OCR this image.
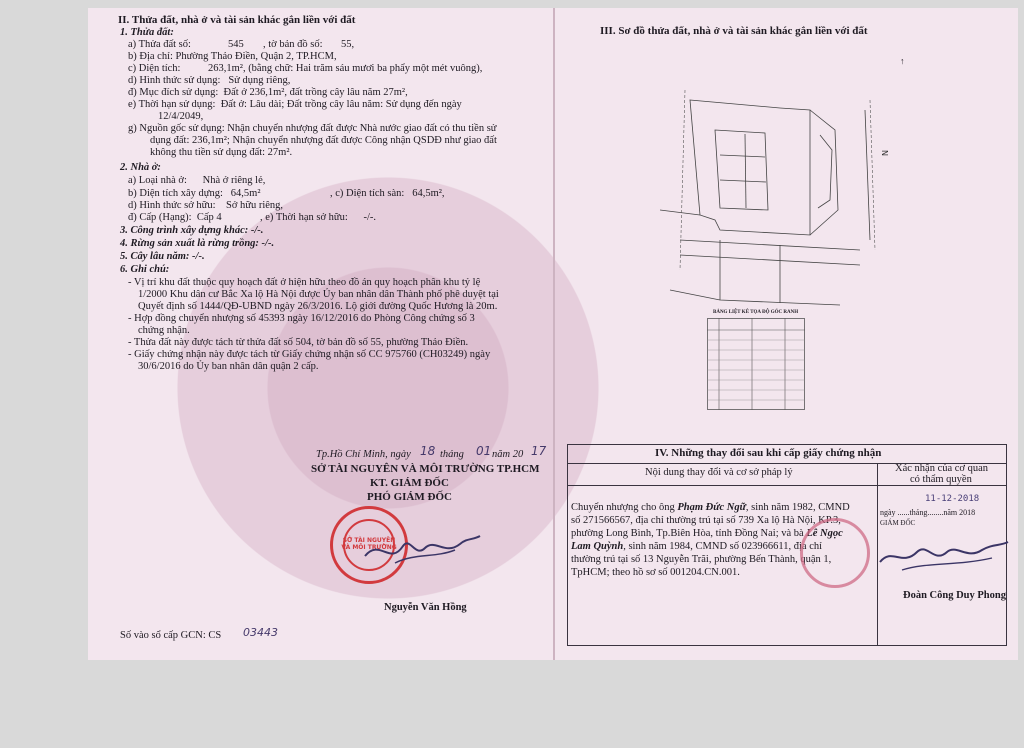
II. Thửa đất, nhà ở và tài sản khác gắn liền với đất
1. Thửa đất:
a) Thửa đất số:	545 , tờ bản đồ số: 55,
b) Địa chỉ: Phường Thảo Điền, Quận 2, TP.HCM,
c) Diện tích:	263,1m², (bằng chữ: Hai trăm sáu mươi ba phẩy một mét vuông),
d) Hình thức sử dụng:   Sử dụng riêng,
đ) Mục đích sử dụng:  Đất ở 236,1m², đất trồng cây lâu năm 27m²,
e) Thời hạn sử dụng:  Đất ở: Lâu dài; Đất trồng cây lâu năm: Sử dụng đến ngày
12/4/2049,
g) Nguồn gốc sử dụng: Nhận chuyển nhượng đất được Nhà nước giao đất có thu tiền sử
dụng đất: 236,1m²; Nhận chuyển nhượng đất được Công nhận QSDĐ như giao đất
không thu tiền sử dụng đất: 27m².
2. Nhà ở:
a) Loại nhà ở:      Nhà ở riêng lẻ,
b) Diện tích xây dựng:   64,5m²	, c) Diện tích sàn:   64,5m²,
d) Hình thức sở hữu:    Sở hữu riêng,
đ) Cấp (Hạng):  Cấp 4	, e) Thời hạn sở hữu:      -/-.
3. Công trình xây dựng khác: -/-.
4. Rừng sản xuất là rừng trồng: -/-.
5. Cây lâu năm: -/-.
6. Ghi chú:
- Vị trí khu đất thuộc quy hoạch đất ở hiện hữu theo đồ án quy hoạch phân khu tỷ lệ
1/2000 Khu dân cư Bắc Xa lộ Hà Nội được Ủy ban nhân dân Thành phố phê duyệt tại
Quyết định số 1444/QĐ-UBND ngày 26/3/2016. Lộ giới đường Quốc Hương là 20m.
- Hợp đồng chuyển nhượng số 45393 ngày 16/12/2016 do Phòng Công chứng số 3
chứng nhận.
- Thửa đất này được tách từ thửa đất số 504, tờ bản đồ số 55, phường Thảo Điền.
- Giấy chứng nhận này được tách từ Giấy chứng nhận số CC 975760 (CH03249) ngày
30/6/2016 do Ủy ban nhân dân quận 2 cấp.
Tp.Hồ Chí Minh, ngày 18 tháng 01 năm 20 17
SỞ TÀI NGUYÊN VÀ MÔI TRƯỜNG TP.HCM
KT. GIÁM ĐỐC
PHÓ GIÁM ĐỐC
SỞ TÀI NGUYÊN VÀ MÔI TRƯỜNG
Nguyễn Văn Hồng
Số vào sổ cấp GCN: CS 03443
III. Sơ đồ thửa đất, nhà ở và tài sản khác gắn liền với đất
N
↑
BẢNG LIỆT KÊ TỌA ĐỘ GÓC RANH
IV. Những thay đổi sau khi cấp giấy chứng nhận
Nội dung thay đổi và cơ sở pháp lý	Xác nhận của cơ quan
có thẩm quyền
Chuyển nhượng cho ông Phạm Đức Ngữ, sinh năm 1982, CMND
số 271566567, địa chỉ thường trú tại số 739 Xa lộ Hà Nội, KP.3,
phường Long Bình, Tp.Biên Hòa, tỉnh Đồng Nai; và bà Lê Ngọc
Lam Quỳnh, sinh năm 1984, CMND số 023966611, địa chỉ
thường trú tại số 13 Nguyễn Trãi, phường Bến Thành, quận 1,
TpHCM; theo hồ sơ số 001204.CN.001.
11-12-2018
ngày ......tháng........năm 2018
GIÁM ĐỐC
Đoàn Công Duy Phong
